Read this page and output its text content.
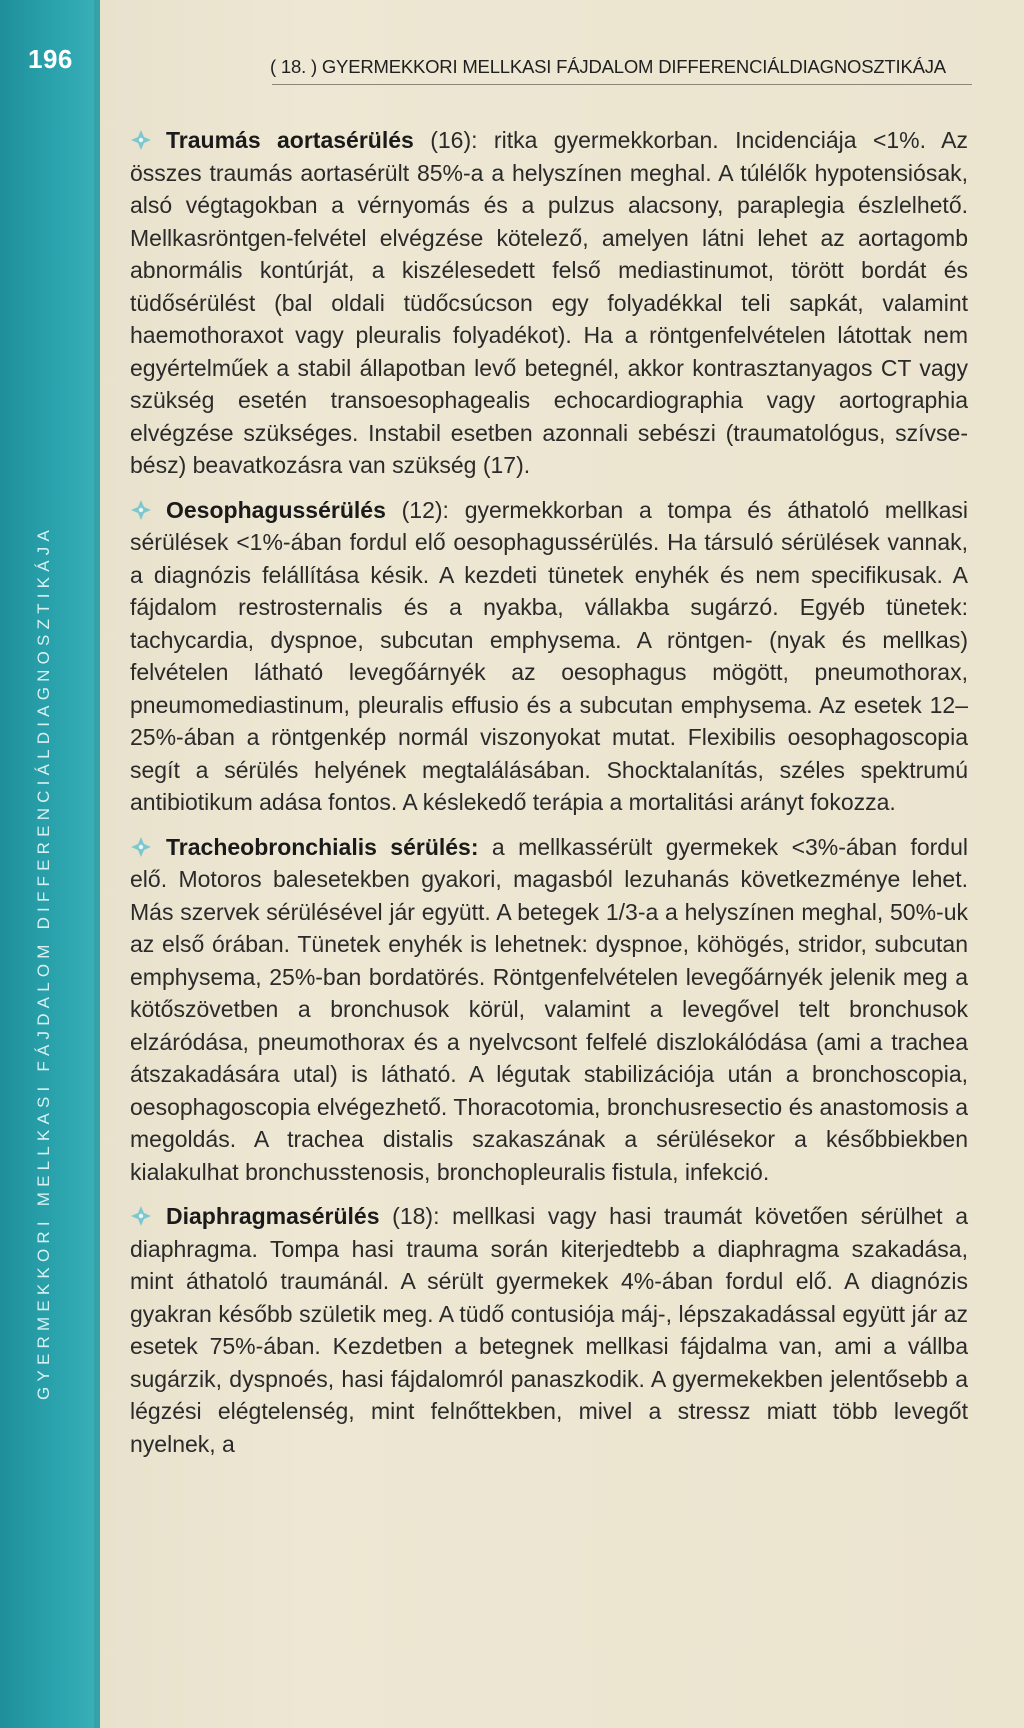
196
GYERMEKKORI MELLKASI FÁJDALOM DIFFERENCIÁLDIAGNOSZTIKÁJA
( 18. ) GYERMEKKORI MELLKASI FÁJDALOM DIFFERENCIÁLDIAGNOSZTIKÁJA

Traumás aortasérülés (16): ritka gyermekkorban. Incidenciája <1%. Az összes traumás aortasérült 85%-a a helyszínen meghal. A túlélők hypotensiósak, alsó végtagokban a vérnyomás és a pulzus alacsony, paraplegia észlelhető. Mellkasröntgen-felvétel elvégzése kötelező, amelyen látni lehet az aortagomb abnormális kontúrját, a kiszélesedett felső mediastinumot, törött bordát és tüdősérülést (bal oldali tüdőcsúcson egy folyadékkal teli sapkát, valamint haemothoraxot vagy pleuralis folyadékot). Ha a röntgenfelvételen látottak nem egyértelműek a stabil állapotban levő betegnél, akkor kontrasztanyagos CT vagy szükség esetén transoesophagealis echocardiographia vagy aortographia elvégzése szükséges. Instabil esetben azonnali sebészi (traumatológus, szívsebész) beavatkozásra van szükség (17).

Oesophagussérülés (12): gyermekkorban a tompa és áthatoló mellkasi sérülések <1%-ában fordul elő oesophagussérülés. Ha társuló sérülések vannak, a diagnózis felállítása késik. A kezdeti tünetek enyhék és nem specifikusak. A fájdalom restrosternalis és a nyakba, vállakba sugárzó. Egyéb tünetek: tachycardia, dyspnoe, subcutan emphysema. A röntgen- (nyak és mellkas) felvételen látható levegőárnyék az oesophagus mögött, pneumothorax, pneumomediastinum, pleuralis effusio és a subcutan emphysema. Az esetek 12–25%-ában a röntgenkép normál viszonyokat mutat. Flexibilis oesophagoscopia segít a sérülés helyének megtalálásában. Shocktalanítás, széles spektrumú antibiotikum adása fontos. A késlekedő terápia a mortalitási arányt fokozza.

Tracheobronchialis sérülés: a mellkassérült gyermekek <3%-ában fordul elő. Motoros balesetekben gyakori, magasból lezuhanás következménye lehet. Más szervek sérülésével jár együtt. A betegek 1/3-a a helyszínen meghal, 50%-uk az első órában. Tünetek enyhék is lehetnek: dyspnoe, köhögés, stridor, subcutan emphysema, 25%-ban bordatörés. Röntgenfelvételen levegőárnyék jelenik meg a kötőszövetben a bronchusok körül, valamint a levegővel telt bronchusok elzáródása, pneumothorax és a nyelvcsont felfelé diszlokálódása (ami a trachea átszakadására utal) is látható. A légutak stabilizációja után a bronchoscopia, oesophagoscopia elvégezhető. Thoracotomia, bronchusresectio és anastomosis a megoldás. A trachea distalis szakaszának a sérülésekor a későbbiekben kialakulhat bronchusstenosis, bronchopleuralis fistula, infekció.

Diaphragmasérülés (18): mellkasi vagy hasi traumát követően sérülhet a diaphragma. Tompa hasi trauma során kiterjedtebb a diaphragma szakadása, mint áthatoló traumánál. A sérült gyermekek 4%-ában fordul elő. A diagnózis gyakran később születik meg. A tüdő contusiója máj-, lépszakadással együtt jár az esetek 75%-ában. Kezdetben a betegnek mellkasi fájdalma van, ami a vállba sugárzik, dyspnoés, hasi fájdalomról panaszkodik. A gyermekekben jelentősebb a légzési elégtelenség, mint felnőttekben, mivel a stressz miatt több levegőt nyelnek, a
